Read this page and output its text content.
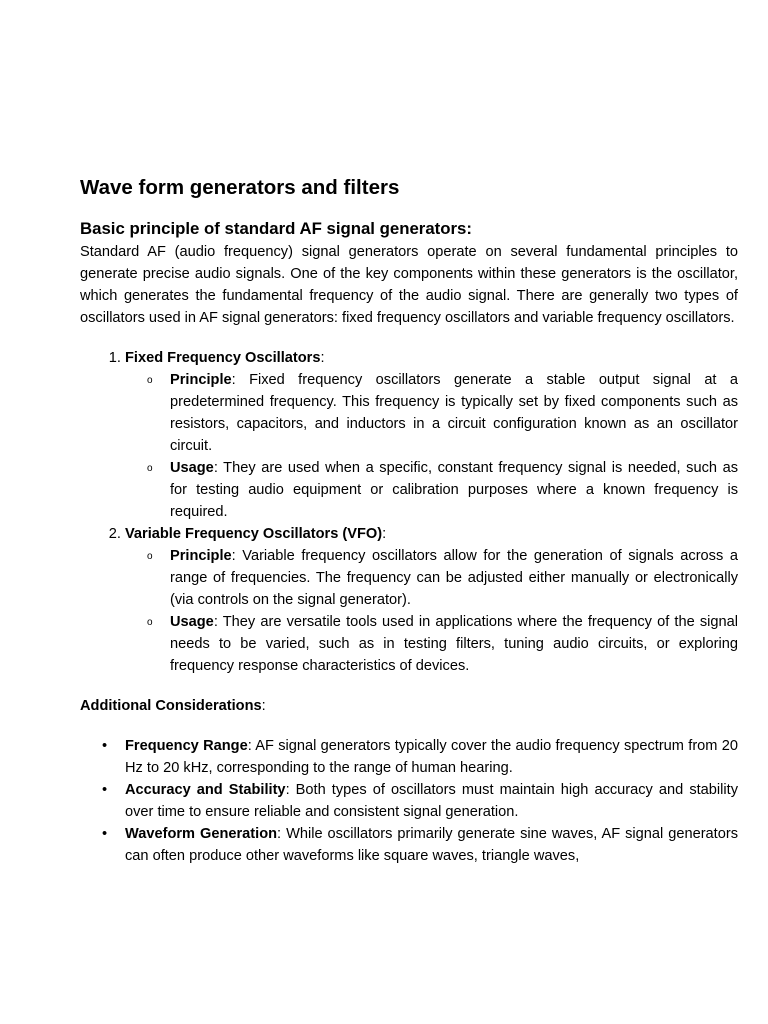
Wave form generators and filters
Basic principle of standard AF signal generators:

Standard AF (audio frequency) signal generators operate on several fundamental principles to generate precise audio signals. One of the key components within these generators is the oscillator, which generates the fundamental frequency of the audio signal. There are generally two types of oscillators used in AF signal generators: fixed frequency oscillators and variable frequency oscillators.

1. Fixed Frequency Oscillators:
o Principle: Fixed frequency oscillators generate a stable output signal at a predetermined frequency. This frequency is typically set by fixed components such as resistors, capacitors, and inductors in a circuit configuration known as an oscillator circuit.
o Usage: They are used when a specific, constant frequency signal is needed, such as for testing audio equipment or calibration purposes where a known frequency is required.
2. Variable Frequency Oscillators (VFO):
o Principle: Variable frequency oscillators allow for the generation of signals across a range of frequencies. The frequency can be adjusted either manually or electronically (via controls on the signal generator).
o Usage: They are versatile tools used in applications where the frequency of the signal needs to be varied, such as in testing filters, tuning audio circuits, or exploring frequency response characteristics of devices.

Additional Considerations:

• Frequency Range: AF signal generators typically cover the audio frequency spectrum from 20 Hz to 20 kHz, corresponding to the range of human hearing.
• Accuracy and Stability: Both types of oscillators must maintain high accuracy and stability over time to ensure reliable and consistent signal generation.
• Waveform Generation: While oscillators primarily generate sine waves, AF signal generators can often produce other waveforms like square waves, triangle waves,
